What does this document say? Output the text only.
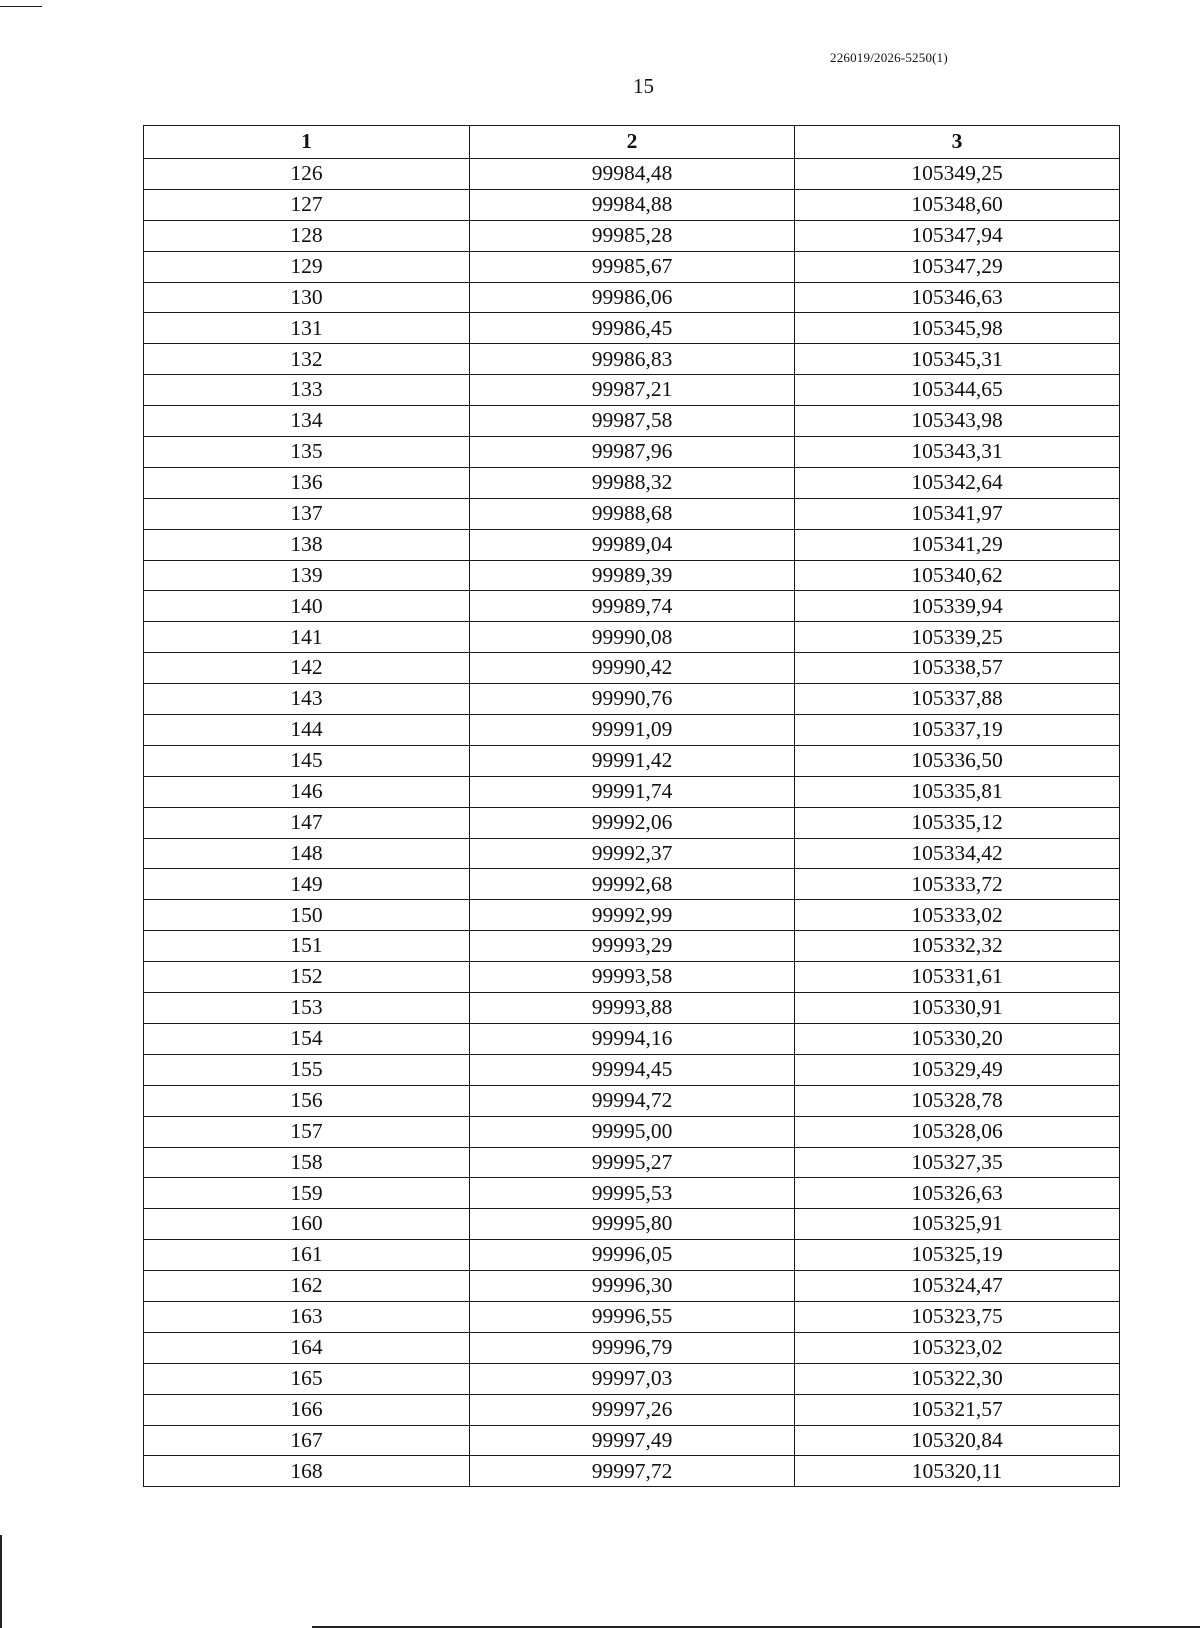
226019/2026-5250(1)
15
1	2	3
126	99984,48	105349,25
127	99984,88	105348,60
128	99985,28	105347,94
129	99985,67	105347,29
130	99986,06	105346,63
131	99986,45	105345,98
132	99986,83	105345,31
133	99987,21	105344,65
134	99987,58	105343,98
135	99987,96	105343,31
136	99988,32	105342,64
137	99988,68	105341,97
138	99989,04	105341,29
139	99989,39	105340,62
140	99989,74	105339,94
141	99990,08	105339,25
142	99990,42	105338,57
143	99990,76	105337,88
144	99991,09	105337,19
145	99991,42	105336,50
146	99991,74	105335,81
147	99992,06	105335,12
148	99992,37	105334,42
149	99992,68	105333,72
150	99992,99	105333,02
151	99993,29	105332,32
152	99993,58	105331,61
153	99993,88	105330,91
154	99994,16	105330,20
155	99994,45	105329,49
156	99994,72	105328,78
157	99995,00	105328,06
158	99995,27	105327,35
159	99995,53	105326,63
160	99995,80	105325,91
161	99996,05	105325,19
162	99996,30	105324,47
163	99996,55	105323,75
164	99996,79	105323,02
165	99997,03	105322,30
166	99997,26	105321,57
167	99997,49	105320,84
168	99997,72	105320,11
